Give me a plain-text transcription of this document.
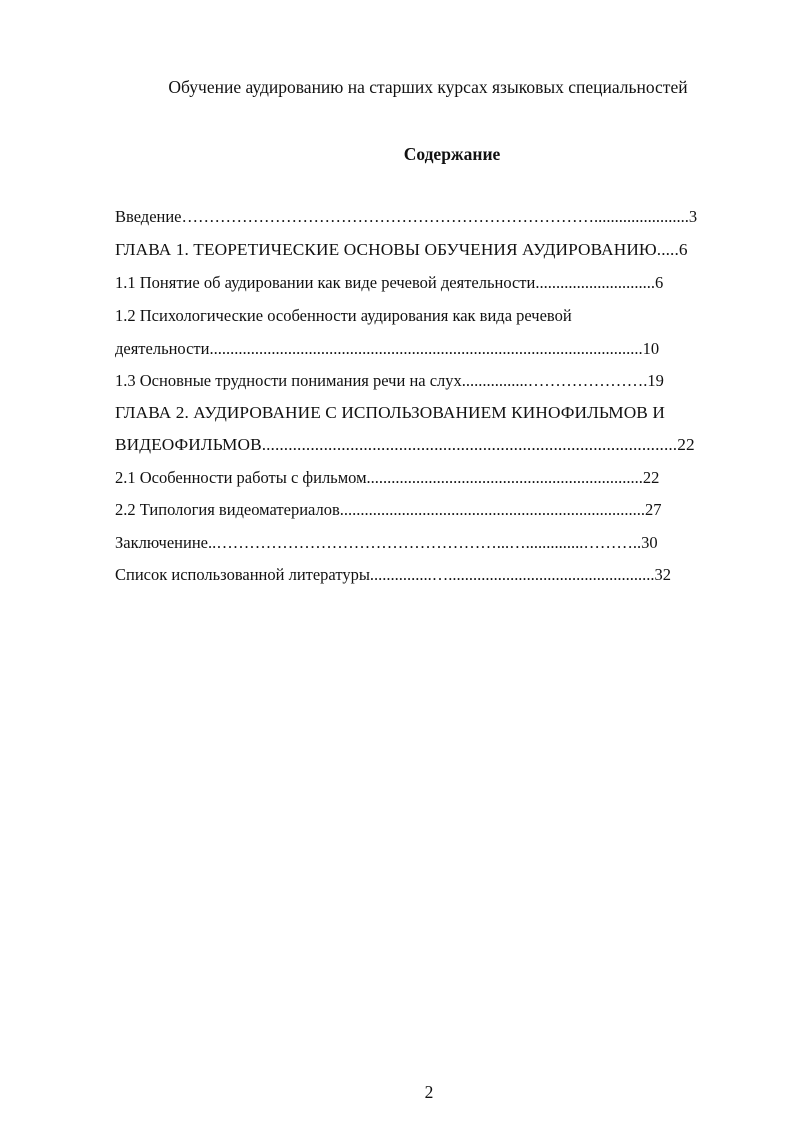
Обучение аудированию на старших курсах языковых специальностей
Содержание
Введение………………………………………………………………….......................3
ГЛАВА 1. ТЕОРЕТИЧЕСКИЕ ОСНОВЫ ОБУЧЕНИЯ АУДИРОВАНИЮ.....6
1.1 Понятие об аудировании как виде речевой деятельности.............................6
1.2 Психологические особенности аудирования как вида речевой
деятельности.........................................................................................................10
1.3 Основные трудности понимания речи на слух................………………….19
ГЛАВА 2. АУДИРОВАНИЕ С ИСПОЛЬЗОВАНИЕМ КИНОФИЛЬМОВ И
ВИДЕОФИЛЬМОВ..............................................................................................22
2.1 Особенности работы с фильмом...................................................................22
2.2 Типология видеоматериалов..........................................................................27
Заключенине..……………………………………………...…..............………..30
Список использованной литературы...............…..................................................32
2
